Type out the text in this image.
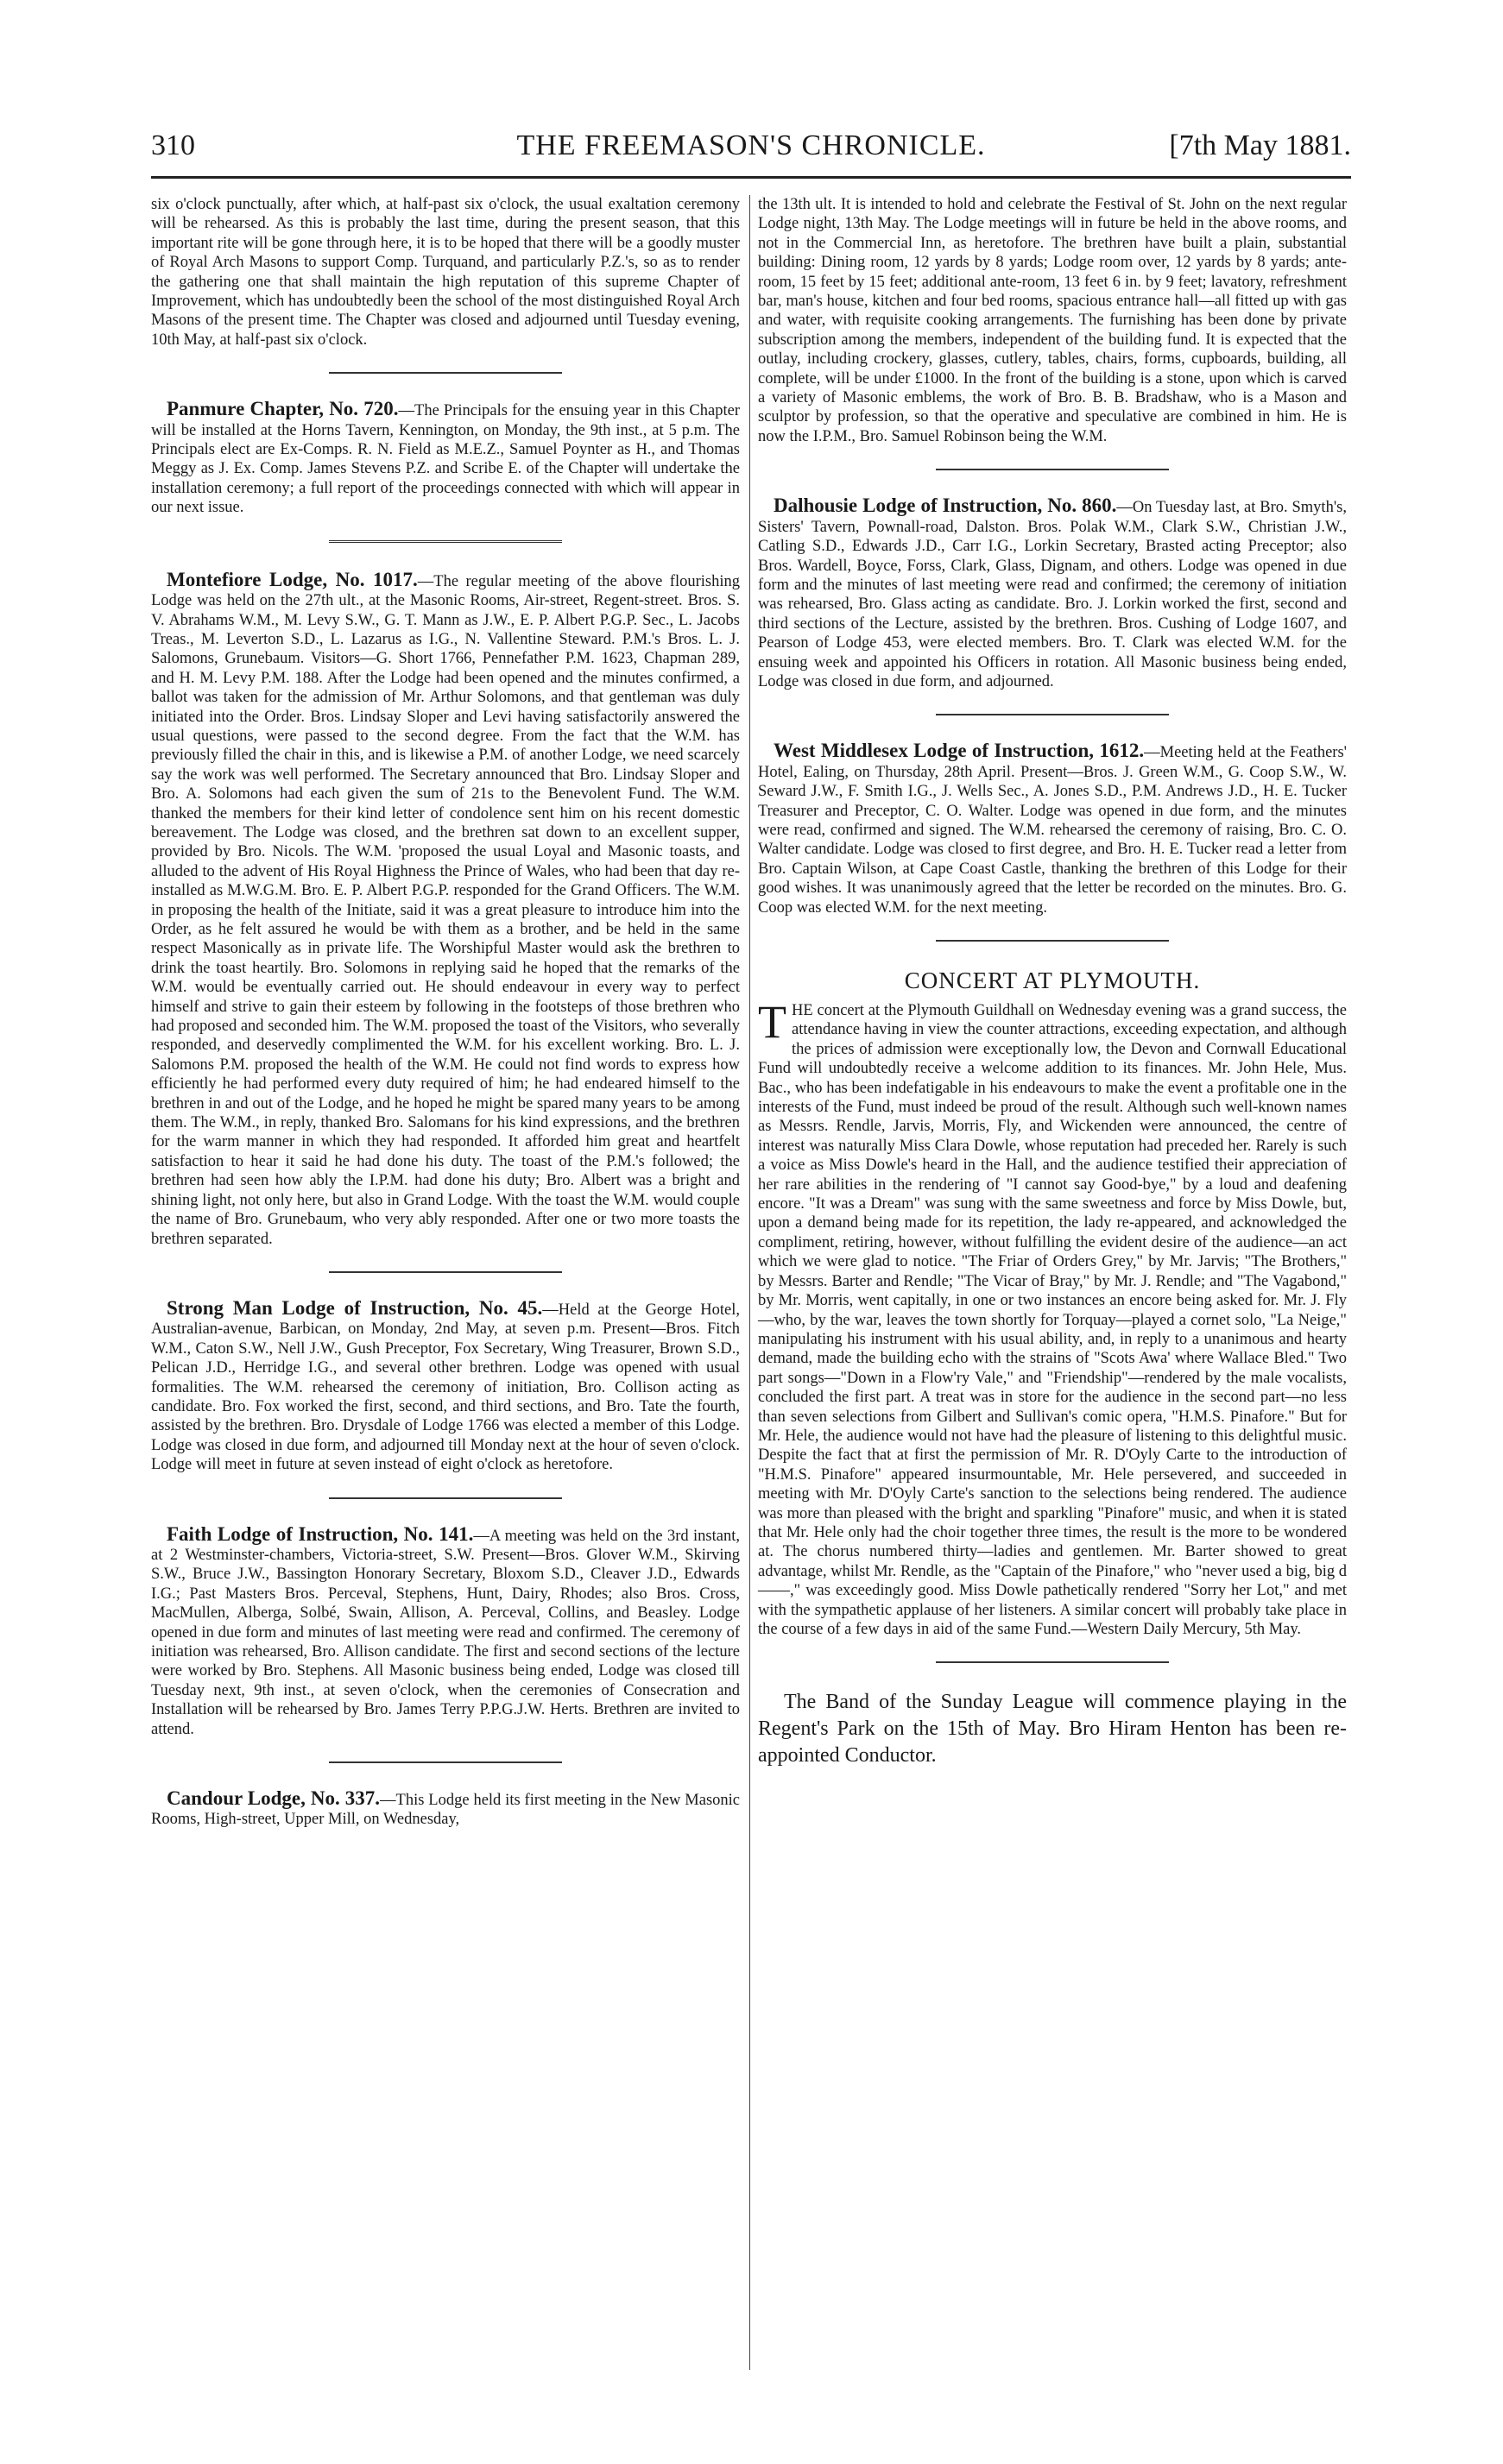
310	THE FREEMASON'S CHRONICLE.	[7th May 1881.

six o'clock punctually, after which, at half-past six o'clock, the usual exaltation ceremony will be rehearsed. As this is probably the last time, during the present season, that this important rite will be gone through here, it is to be hoped that there will be a goodly muster of Royal Arch Masons to support Comp. Turquand, and particularly P.Z.'s, so as to render the gathering one that shall maintain the high reputation of this supreme Chapter of Improvement, which has undoubtedly been the school of the most distinguished Royal Arch Masons of the present time. The Chapter was closed and adjourned until Tuesday evening, 10th May, at half-past six o'clock.

Panmure Chapter, No. 720.—The Principals for the ensuing year in this Chapter will be installed at the Horns Tavern, Kennington, on Monday, the 9th inst., at 5 p.m. The Principals elect are Ex-Comps. R. N. Field as M.E.Z., Samuel Poynter as H., and Thomas Meggy as J. Ex. Comp. James Stevens P.Z. and Scribe E. of the Chapter will undertake the installation ceremony; a full report of the proceedings connected with which will appear in our next issue.

Montefiore Lodge, No. 1017.—The regular meeting of the above flourishing Lodge was held on the 27th ult., at the Masonic Rooms, Air-street, Regent-street. Bros. S. V. Abrahams W.M., M. Levy S.W., G. T. Mann as J.W., E. P. Albert P.G.P. Sec., L. Jacobs Treas., M. Leverton S.D., L. Lazarus as I.G., N. Vallentine Steward. P.M.'s Bros. L. J. Salomons, Grunebaum. Visitors—G. Short 1766, Pennefather P.M. 1623, Chapman 289, and H. M. Levy P.M. 188. After the Lodge had been opened and the minutes confirmed, a ballot was taken for the admission of Mr. Arthur Solomons, and that gentleman was duly initiated into the Order. Bros. Lindsay Sloper and Levi having satisfactorily answered the usual questions, were passed to the second degree. From the fact that the W.M. has previously filled the chair in this, and is likewise a P.M. of another Lodge, we need scarcely say the work was well performed. The Secretary announced that Bro. Lindsay Sloper and Bro. A. Solomons had each given the sum of 21s to the Benevolent Fund. The W.M. thanked the members for their kind letter of condolence sent him on his recent domestic bereavement. The Lodge was closed, and the brethren sat down to an excellent supper, provided by Bro. Nicols. The W.M. 'proposed the usual Loyal and Masonic toasts, and alluded to the advent of His Royal Highness the Prince of Wales, who had been that day re-installed as M.W.G.M. Bro. E. P. Albert P.G.P. responded for the Grand Officers. The W.M. in proposing the health of the Initiate, said it was a great pleasure to introduce him into the Order, as he felt assured he would be with them as a brother, and be held in the same respect Masonically as in private life. The Worshipful Master would ask the brethren to drink the toast heartily. Bro. Solomons in replying said he hoped that the remarks of the W.M. would be eventually carried out. He should endeavour in every way to perfect himself and strive to gain their esteem by following in the footsteps of those brethren who had proposed and seconded him. The W.M. proposed the toast of the Visitors, who severally responded, and deservedly complimented the W.M. for his excellent working. Bro. L. J. Salomons P.M. proposed the health of the W.M. He could not find words to express how efficiently he had performed every duty required of him; he had endeared himself to the brethren in and out of the Lodge, and he hoped he might be spared many years to be among them. The W.M., in reply, thanked Bro. Salomans for his kind expressions, and the brethren for the warm manner in which they had responded. It afforded him great and heartfelt satisfaction to hear it said he had done his duty. The toast of the P.M.'s followed; the brethren had seen how ably the I.P.M. had done his duty; Bro. Albert was a bright and shining light, not only here, but also in Grand Lodge. With the toast the W.M. would couple the name of Bro. Grunebaum, who very ably responded. After one or two more toasts the brethren separated.

Strong Man Lodge of Instruction, No. 45.—Held at the George Hotel, Australian-avenue, Barbican, on Monday, 2nd May, at seven p.m. Present—Bros. Fitch W.M., Caton S.W., Nell J.W., Gush Preceptor, Fox Secretary, Wing Treasurer, Brown S.D., Pelican J.D., Herridge I.G., and several other brethren. Lodge was opened with usual formalities. The W.M. rehearsed the ceremony of initiation, Bro. Collison acting as candidate. Bro. Fox worked the first, second, and third sections, and Bro. Tate the fourth, assisted by the brethren. Bro. Drysdale of Lodge 1766 was elected a member of this Lodge. Lodge was closed in due form, and adjourned till Monday next at the hour of seven o'clock. Lodge will meet in future at seven instead of eight o'clock as heretofore.

Faith Lodge of Instruction, No. 141.—A meeting was held on the 3rd instant, at 2 Westminster-chambers, Victoria-street, S.W. Present—Bros. Glover W.M., Skirving S.W., Bruce J.W., Bassington Honorary Secretary, Bloxom S.D., Cleaver J.D., Edwards I.G.; Past Masters Bros. Perceval, Stephens, Hunt, Dairy, Rhodes; also Bros. Cross, MacMullen, Alberga, Solbé, Swain, Allison, A. Perceval, Collins, and Beasley. Lodge opened in due form and minutes of last meeting were read and confirmed. The ceremony of initiation was rehearsed, Bro. Allison candidate. The first and second sections of the lecture were worked by Bro. Stephens. All Masonic business being ended, Lodge was closed till Tuesday next, 9th inst., at seven o'clock, when the ceremonies of Consecration and Installation will be rehearsed by Bro. James Terry P.P.G.J.W. Herts. Brethren are invited to attend.

Candour Lodge, No. 337.—This Lodge held its first meeting in the New Masonic Rooms, High-street, Upper Mill, on Wednesday,

the 13th ult. It is intended to hold and celebrate the Festival of St. John on the next regular Lodge night, 13th May. The Lodge meetings will in future be held in the above rooms, and not in the Commercial Inn, as heretofore. The brethren have built a plain, substantial building: Dining room, 12 yards by 8 yards; Lodge room over, 12 yards by 8 yards; ante-room, 15 feet by 15 feet; additional ante-room, 13 feet 6 in. by 9 feet; lavatory, refreshment bar, man's house, kitchen and four bed rooms, spacious entrance hall—all fitted up with gas and water, with requisite cooking arrangements. The furnishing has been done by private subscription among the members, independent of the building fund. It is expected that the outlay, including crockery, glasses, cutlery, tables, chairs, forms, cupboards, building, all complete, will be under £1000. In the front of the building is a stone, upon which is carved a variety of Masonic emblems, the work of Bro. B. B. Bradshaw, who is a Mason and sculptor by profession, so that the operative and speculative are combined in him. He is now the I.P.M., Bro. Samuel Robinson being the W.M.

Dalhousie Lodge of Instruction, No. 860.—On Tuesday last, at Bro. Smyth's, Sisters' Tavern, Pownall-road, Dalston. Bros. Polak W.M., Clark S.W., Christian J.W., Catling S.D., Edwards J.D., Carr I.G., Lorkin Secretary, Brasted acting Preceptor; also Bros. Wardell, Boyce, Forss, Clark, Glass, Dignam, and others. Lodge was opened in due form and the minutes of last meeting were read and confirmed; the ceremony of initiation was rehearsed, Bro. Glass acting as candidate. Bro. J. Lorkin worked the first, second and third sections of the Lecture, assisted by the brethren. Bros. Cushing of Lodge 1607, and Pearson of Lodge 453, were elected members. Bro. T. Clark was elected W.M. for the ensuing week and appointed his Officers in rotation. All Masonic business being ended, Lodge was closed in due form, and adjourned.

West Middlesex Lodge of Instruction, 1612.—Meeting held at the Feathers' Hotel, Ealing, on Thursday, 28th April. Present—Bros. J. Green W.M., G. Coop S.W., W. Seward J.W., F. Smith I.G., J. Wells Sec., A. Jones S.D., P.M. Andrews J.D., H. E. Tucker Treasurer and Preceptor, C. O. Walter. Lodge was opened in due form, and the minutes were read, confirmed and signed. The W.M. rehearsed the ceremony of raising, Bro. C. O. Walter candidate. Lodge was closed to first degree, and Bro. H. E. Tucker read a letter from Bro. Captain Wilson, at Cape Coast Castle, thanking the brethren of this Lodge for their good wishes. It was unanimously agreed that the letter be recorded on the minutes. Bro. G. Coop was elected W.M. for the next meeting.

CONCERT AT PLYMOUTH.

THE concert at the Plymouth Guildhall on Wednesday evening was a grand success, the attendance having in view the counter attractions, exceeding expectation, and although the prices of admission were exceptionally low, the Devon and Cornwall Educational Fund will undoubtedly receive a welcome addition to its finances. Mr. John Hele, Mus. Bac., who has been indefatigable in his endeavours to make the event a profitable one in the interests of the Fund, must indeed be proud of the result. Although such well-known names as Messrs. Rendle, Jarvis, Morris, Fly, and Wickenden were announced, the centre of interest was naturally Miss Clara Dowle, whose reputation had preceded her. Rarely is such a voice as Miss Dowle's heard in the Hall, and the audience testified their appreciation of her rare abilities in the rendering of "I cannot say Good-bye," by a loud and deafening encore. "It was a Dream" was sung with the same sweetness and force by Miss Dowle, but, upon a demand being made for its repetition, the lady re-appeared, and acknowledged the compliment, retiring, however, without fulfilling the evident desire of the audience—an act which we were glad to notice. "The Friar of Orders Grey," by Mr. Jarvis; "The Brothers," by Messrs. Barter and Rendle; "The Vicar of Bray," by Mr. J. Rendle; and "The Vagabond," by Mr. Morris, went capitally, in one or two instances an encore being asked for. Mr. J. Fly—who, by the war, leaves the town shortly for Torquay—played a cornet solo, "La Neige," manipulating his instrument with his usual ability, and, in reply to a unanimous and hearty demand, made the building echo with the strains of "Scots Awa' where Wallace Bled." Two part songs—"Down in a Flow'ry Vale," and "Friendship"—rendered by the male vocalists, concluded the first part. A treat was in store for the audience in the second part—no less than seven selections from Gilbert and Sullivan's comic opera, "H.M.S. Pinafore." But for Mr. Hele, the audience would not have had the pleasure of listening to this delightful music. Despite the fact that at first the permission of Mr. R. D'Oyly Carte to the introduction of "H.M.S. Pinafore" appeared insurmountable, Mr. Hele persevered, and succeeded in meeting with Mr. D'Oyly Carte's sanction to the selections being rendered. The audience was more than pleased with the bright and sparkling "Pinafore" music, and when it is stated that Mr. Hele only had the choir together three times, the result is the more to be wondered at. The chorus numbered thirty—ladies and gentlemen. Mr. Barter showed to great advantage, whilst Mr. Rendle, as the "Captain of the Pinafore," who "never used a big, big d——," was exceedingly good. Miss Dowle pathetically rendered "Sorry her Lot," and met with the sympathetic applause of her listeners. A similar concert will probably take place in the course of a few days in aid of the same Fund.—Western Daily Mercury, 5th May.

The Band of the Sunday League will commence playing in the Regent's Park on the 15th of May. Bro Hiram Henton has been re-appointed Conductor.
